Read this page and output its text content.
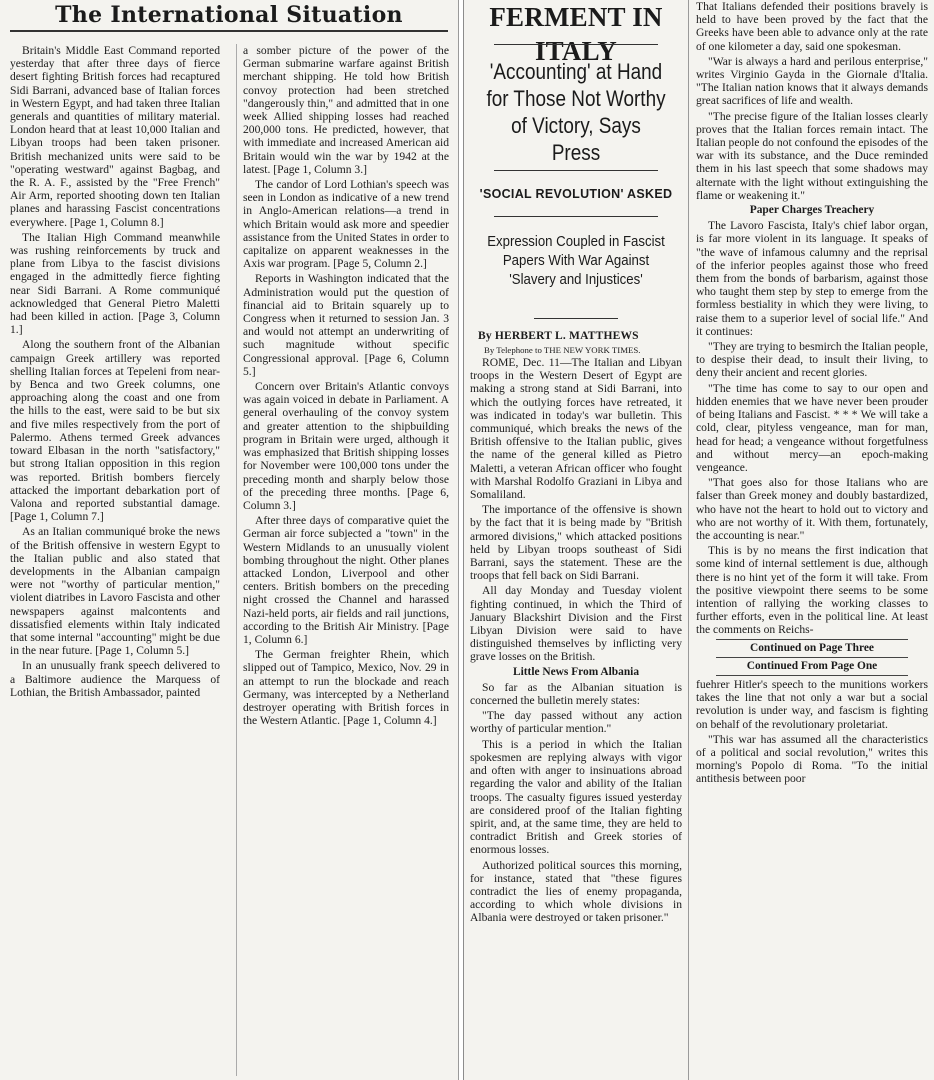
The International Situation

Britain's Middle East Command reported yesterday that after three days of fierce desert fighting British forces had recaptured Sidi Barrani, advanced base of Italian forces in Western Egypt, and had taken three Italian generals and quantities of military material. London heard that at least 10,000 Italian and Libyan troops had been taken prisoner. British mechanized units were said to be "operating westward" against Bagbag, and the R. A. F., assisted by the "Free French" Air Arm, reported shooting down ten Italian planes and harassing Fascist concentrations everywhere. [Page 1, Column 8.]

The Italian High Command meanwhile was rushing reinforcements by truck and plane from Libya to the fascist divisions engaged in the admittedly fierce fighting near Sidi Barrani. A Rome communiqué acknowledged that General Pietro Maletti had been killed in action. [Page 3, Column 1.]

Along the southern front of the Albanian campaign Greek artillery was reported shelling Italian forces at Tepeleni from near-by Benca and two Greek columns, one approaching along the coast and one from the hills to the east, were said to be but six and five miles respectively from the port of Palermo. Athens termed Greek advances toward Elbasan in the north "satisfactory," but strong Italian opposition in this region was reported. British bombers fiercely attacked the important debarkation port of Valona and reported substantial damage. [Page 1, Column 7.]

As an Italian communiqué broke the news of the British offensive in western Egypt to the Italian public and also stated that developments in the Albanian campaign were not "worthy of particular mention," violent diatribes in Lavoro Fascista and other newspapers against malcontents and dissatisfied elements within Italy indicated that some internal "accounting" might be due in the near future. [Page 1, Column 5.]

In an unusually frank speech delivered to a Baltimore audience the Marquess of Lothian, the British Ambassador, painted

a somber picture of the power of the German submarine warfare against British merchant shipping. He told how British convoy protection had been stretched "dangerously thin," and admitted that in one week Allied shipping losses had reached 200,000 tons. He predicted, however, that with immediate and increased American aid Britain would win the war by 1942 at the latest. [Page 1, Column 3.]

The candor of Lord Lothian's speech was seen in London as indicative of a new trend in Anglo-American relations—a trend in which Britain would ask more and speedier assistance from the United States in order to capitalize on apparent weaknesses in the Axis war program. [Page 5, Column 2.]

Reports in Washington indicated that the Administration would put the question of financial aid to Britain squarely up to Congress when it returned to session Jan. 3 and would not attempt an underwriting of such magnitude without specific Congressional approval. [Page 6, Column 5.]

Concern over Britain's Atlantic convoys was again voiced in debate in Parliament. A general overhauling of the convoy system and greater attention to the shipbuilding program in Britain were urged, although it was emphasized that British shipping losses for November were 100,000 tons under the preceding month and sharply below those of the preceding three months. [Page 6, Column 3.]

After three days of comparative quiet the German air force subjected a "town" in the Western Midlands to an unusually violent bombing throughout the night. Other planes attacked London, Liverpool and other centers. British bombers on the preceding night crossed the Channel and harassed Nazi-held ports, air fields and rail junctions, according to the British Air Ministry. [Page 1, Column 6.]

The German freighter Rhein, which slipped out of Tampico, Mexico, Nov. 29 in an attempt to run the blockade and reach Germany, was intercepted by a Netherland destroyer operating with British forces in the Western Atlantic. [Page 1, Column 4.]

FERMENT IN ITALY
'Accounting' at Hand for Those Not Worthy of Victory, Says Press
'SOCIAL REVOLUTION' ASKED
Expression Coupled in Fascist Papers With War Against 'Slavery and Injustices'
By HERBERT L. MATTHEWS
By Telephone to THE NEW YORK TIMES.

ROME, Dec. 11—The Italian and Libyan troops in the Western Desert of Egypt are making a strong stand at Sidi Barrani, into which the outlying forces have retreated, it was indicated in today's war bulletin. This communiqué, which breaks the news of the British offensive to the Italian public, gives the name of the general killed as Pietro Maletti, a veteran African officer who fought with Marshal Rodolfo Graziani in Libya and Somaliland.

The importance of the offensive is shown by the fact that it is being made by "British armored divisions," which attacked positions held by Libyan troops southeast of Sidi Barrani, says the statement. These are the troops that fell back on Sidi Barrani.

All day Monday and Tuesday violent fighting continued, in which the Third of January Blackshirt Division and the First Libyan Division were said to have distinguished themselves by inflicting very grave losses on the British.

Little News From Albania

So far as the Albanian situation is concerned the bulletin merely states:

"The day passed without any action worthy of particular mention."

This is a period in which the Italian spokesmen are replying always with vigor and often with anger to insinuations abroad regarding the valor and ability of the Italian troops. The casualty figures issued yesterday are considered proof of the Italian fighting spirit, and, at the same time, they are held to contradict British and Greek stories of enormous losses.

Authorized political sources this morning, for instance, stated that "these figures contradict the lies of enemy propaganda, according to which whole divisions in Albania were destroyed or taken prisoner."

That Italians defended their positions bravely is held to have been proved by the fact that the Greeks have been able to advance only at the rate of one kilometer a day, said one spokesman.

"War is always a hard and perilous enterprise," writes Virginio Gayda in the Giornale d'Italia. "The Italian nation knows that it always demands great sacrifices of life and wealth.

"The precise figure of the Italian losses clearly proves that the Italian forces remain intact. The Italian people do not confound the episodes of the war with its substance, and the Duce reminded them in his last speech that some shadows may alternate with the light without extinguishing the flame or weakening it."

Paper Charges Treachery

The Lavoro Fascista, Italy's chief labor organ, is far more violent in its language. It speaks of "the wave of infamous calumny and the reprisal of the inferior peoples against those who freed them from the bonds of barbarism, against those who taught them step by step to emerge from the formless bestiality in which they were living, to raise them to a superior level of social life." And it continues:

"They are trying to besmirch the Italian people, to despise their dead, to insult their living, to deny their ancient and recent glories.

"The time has come to say to our open and hidden enemies that we have never been prouder of being Italians and Fascist. * * * We will take a cold, clear, pityless vengeance, man for man, head for head; a vengeance without forgetfulness and without mercy—an epoch-making vengeance.

"That goes also for those Italians who are falser than Greek money and doubly bastardized, who have not the heart to hold out to victory and who are not worthy of it. With them, fortunately, the accounting is near."

This is by no means the first indication that some kind of internal settlement is due, although there is no hint yet of the form it will take. From the positive viewpoint there seems to be some intention of rallying the working classes to further efforts, even in the political line. At least the comments on Reichs-

Continued on Page Three

Continued From Page One

fuehrer Hitler's speech to the munitions workers takes the line that not only a war but a social revolution is under way, and fascism is fighting on behalf of the revolutionary proletariat.

"This war has assumed all the characteristics of a political and social revolution," writes this morning's Popolo di Roma. "To the initial antithesis between poor
